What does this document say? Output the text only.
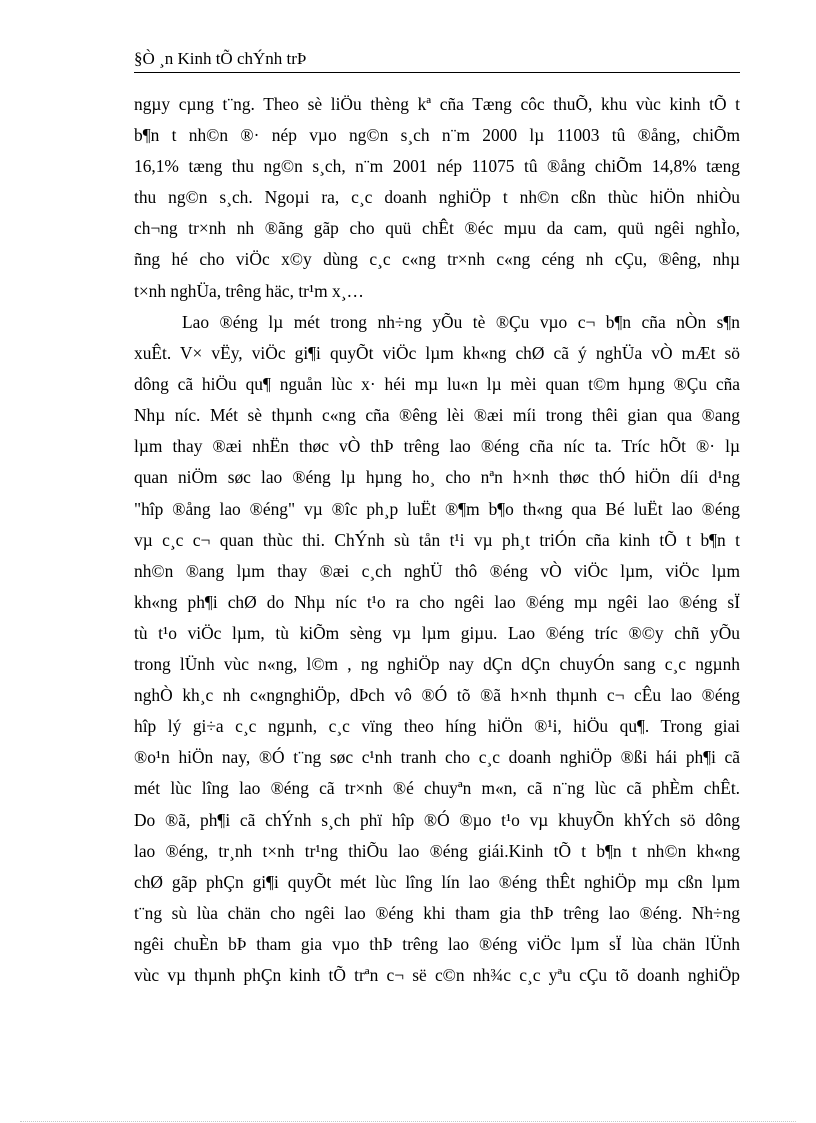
§Ò ¸n Kinh tÕ chÝnh trÞ
ngµy cµng t¨ng. Theo sè liÖu thèng kª cña Tæng côc thuÕ, khu vùc kinh tÕ t
b¶n t nh©n ®· nép vµo ng©n s¸ch n¨m 2000 lµ 11003 tû ®ång, chiÕm
16,1% tæng thu ng©n s¸ch, n¨m 2001 nép 11075 tû ®ång chiÕm 14,8% tæng
thu ng©n s¸ch. Ngoµi ra, c¸c doanh nghiÖp t nh©n cßn thùc hiÖn nhiÒu
ch¬ng tr×nh nh ®ãng gãp cho quü chÊt ®éc mµu da cam, quü ngêi nghÌo,
ñng hé cho viÖc x©y dùng c¸c c«ng tr×nh c«ng céng nh cÇu, ®êng, nhµ
t×nh nghÜa, trêng häc, tr¹m x¸…
Lao ®éng lµ mét trong nh÷ng yÕu tè ®Çu vµo c¬ b¶n cña nÒn s¶n
xuÊt. V× vËy, viÖc gi¶i quyÕt viÖc lµm kh«ng chØ cã ý nghÜa vÒ mÆt sö
dông cã hiÖu qu¶ nguån lùc x· héi mµ lu«n lµ mèi quan t©m hµng ®Çu cña
Nhµ níc. Mét sè thµnh c«ng cña ®êng lèi ®æi míi trong thêi gian qua ®ang
lµm thay ®æi nhËn thøc vÒ thÞ trêng lao ®éng cña níc ta. Tríc hÕt ®· lµ
quan niÖm søc lao ®éng lµ hµng ho¸ cho nªn h×nh thøc thÓ hiÖn díi d¹ng
"hîp ®ång lao ®éng" vµ ®îc ph¸p luËt ®¶m b¶o th«ng qua Bé luËt lao ®éng
vµ c¸c c¬ quan thùc thi. ChÝnh sù tån t¹i vµ ph¸t triÓn cña kinh tÕ t b¶n t
nh©n ®ang lµm thay ®æi c¸ch nghÜ thô ®éng vÒ viÖc lµm, viÖc lµm
kh«ng ph¶i chØ do Nhµ níc t¹o ra cho ngêi lao ®éng mµ ngêi lao ®éng sÏ
tù t¹o viÖc lµm, tù kiÕm sèng vµ lµm giµu. Lao ®éng tríc ®©y chñ yÕu
trong lÜnh vùc n«ng, l©m , ng nghiÖp nay dÇn dÇn chuyÓn sang c¸c ngµnh
nghÒ kh¸c nh c«ngnghiÖp, dÞch vô ®Ó tõ ®ã h×nh thµnh c¬ cÊu lao ®éng
hîp lý gi÷a c¸c ngµnh, c¸c vïng theo híng hiÖn ®¹i, hiÖu qu¶. Trong giai
®o¹n hiÖn nay, ®Ó t¨ng søc c¹nh tranh cho c¸c doanh nghiÖp ®ßi hái ph¶i cã
mét lùc lîng lao ®éng cã tr×nh ®é chuyªn m«n, cã n¨ng lùc cã phÈm chÊt.
Do ®ã, ph¶i cã chÝnh s¸ch phï hîp ®Ó ®µo t¹o vµ khuyÕn khÝch sö dông
lao ®éng, tr¸nh t×nh tr¹ng thiÕu lao ®éng giái.Kinh tÕ t b¶n t nh©n kh«ng
chØ gãp phÇn gi¶i quyÕt mét lùc lîng lín lao ®éng thÊt nghiÖp mµ cßn lµm
t¨ng sù lùa chän cho ngêi lao ®éng khi tham gia thÞ trêng lao ®éng. Nh÷ng
ngêi chuÈn bÞ tham gia vµo thÞ trêng lao ®éng viÖc lµm sÏ lùa chän lÜnh
vùc vµ thµnh phÇn kinh tÕ trªn c¬ së c©n nh¾c c¸c yªu cÇu tõ doanh nghiÖp
